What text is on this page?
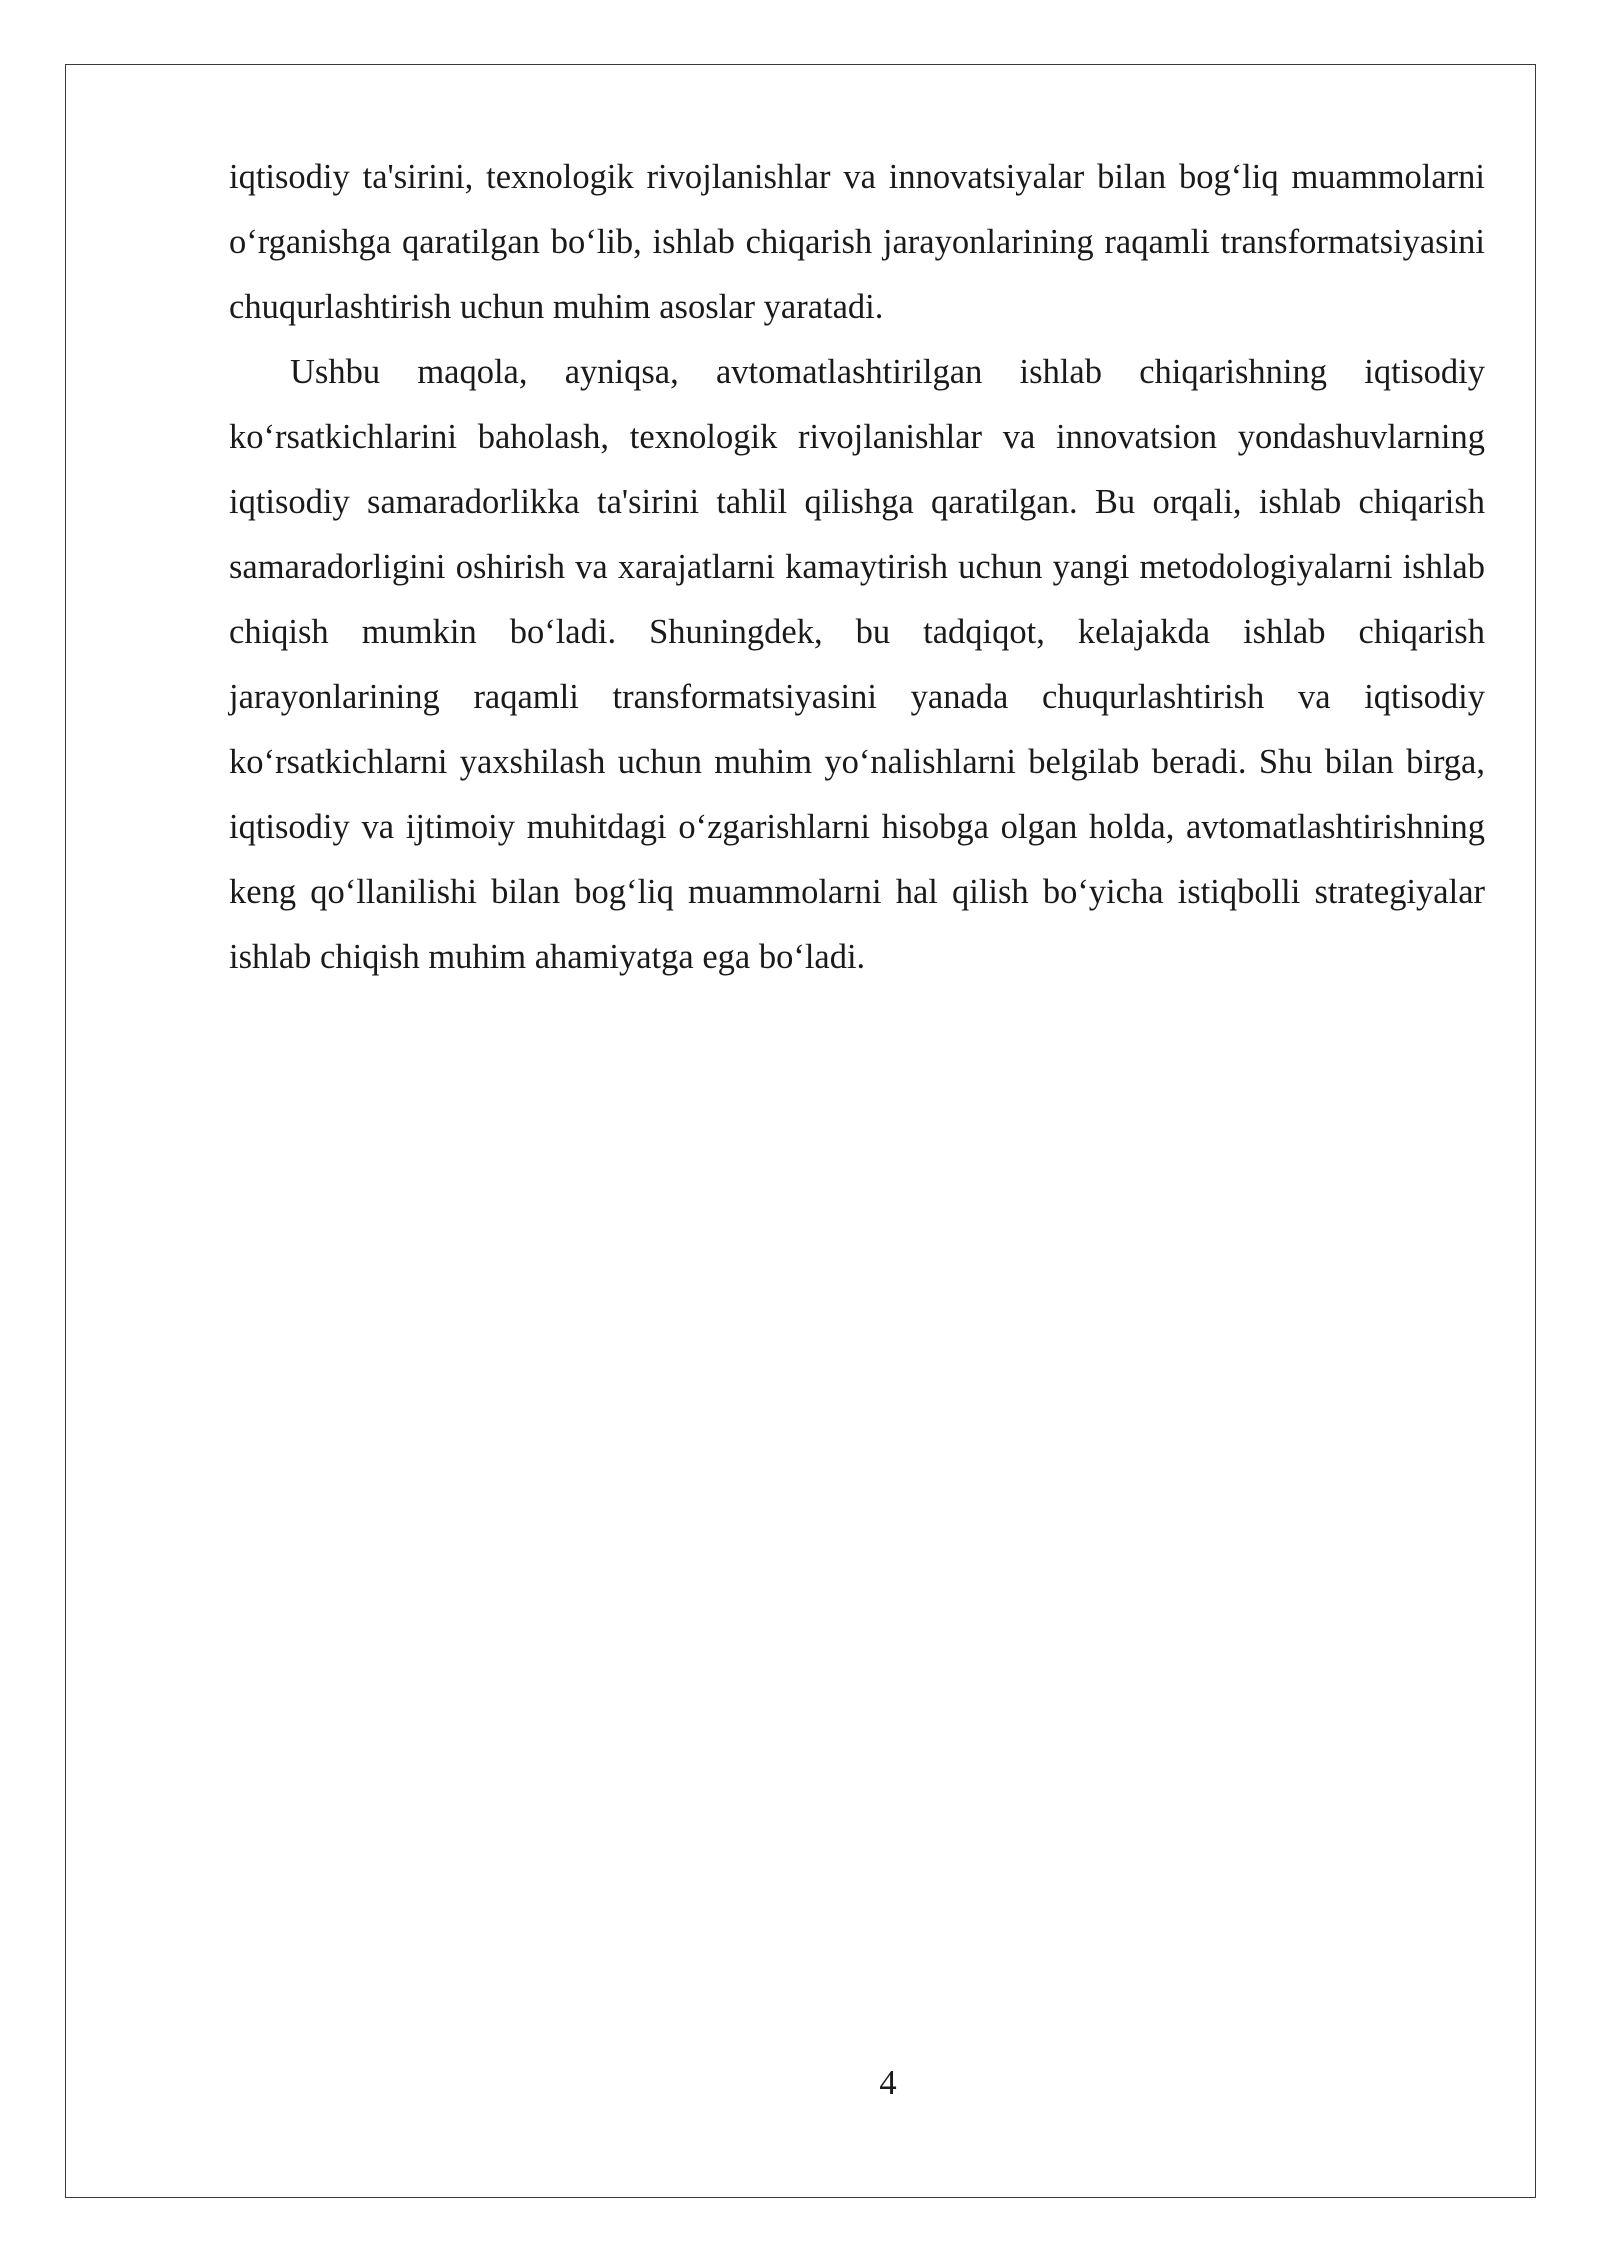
iqtisodiy ta'sirini, texnologik rivojlanishlar va innovatsiyalar bilan bog‘liq muammolarni o‘rganishga qaratilgan bo‘lib, ishlab chiqarish jarayonlarining raqamli transformatsiyasini chuqurlashtirish uchun muhim asoslar yaratadi.

Ushbu maqola, ayniqsa, avtomatlashtirilgan ishlab chiqarishning iqtisodiy ko‘rsatkichlarini baholash, texnologik rivojlanishlar va innovatsion yondashuvlarning iqtisodiy samaradorlikka ta'sirini tahlil qilishga qaratilgan. Bu orqali, ishlab chiqarish samaradorligini oshirish va xarajatlarni kamaytirish uchun yangi metodologiyalarni ishlab chiqish mumkin bo‘ladi. Shuningdek, bu tadqiqot, kelajakda ishlab chiqarish jarayonlarining raqamli transformatsiyasini yanada chuqurlashtirish va iqtisodiy ko‘rsatkichlarni yaxshilash uchun muhim yo‘nalishlarni belgilab beradi. Shu bilan birga, iqtisodiy va ijtimoiy muhitdagi o‘zgarishlarni hisobga olgan holda, avtomatlashtirishning keng qo‘llanilishi bilan bog‘liq muammolarni hal qilish bo‘yicha istiqbolli strategiyalar ishlab chiqish muhim ahamiyatga ega bo‘ladi.

4
